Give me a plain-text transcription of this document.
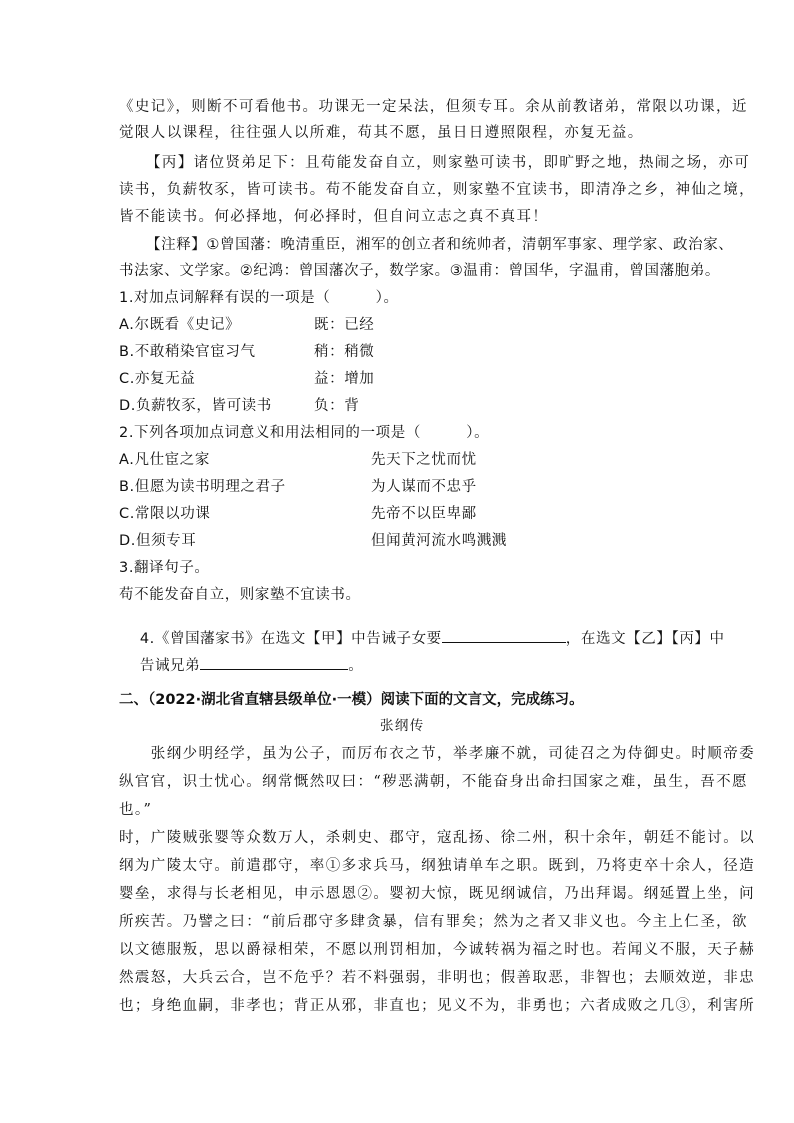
《史记》，则断不可看他书。功课无一定呆法，但须专耳。余从前教诸弟，常限以功课，近
觉限人以课程，往往强人以所难，苟其不愿，虽日日遵照限程，亦复无益。
【丙】诸位贤弟足下：且苟能发奋自立，则家塾可读书，即旷野之地，热闹之场，亦可
读书，负薪牧豕，皆可读书。苟不能发奋自立，则家塾不宜读书，即清净之乡，神仙之境，
皆不能读书。何必择地，何必择时，但自问立志之真不真耳！
【注释】①曾国藩：晚清重臣，湘军的创立者和统帅者，清朝军事家、理学家、政治家、
书法家、文学家。②纪鸿：曾国藩次子，数学家。③温甫：曾国华，字温甫，曾国藩胞弟。
1.对加点词解释有误的一项是（　　　）。
A.尔既看《史记》	既：已经
B.不敢稍染官宦习气	稍：稍微
C.亦复无益	益：增加
D.负薪牧豕，皆可读书	负：背
2.下列各项加点词意义和用法相同的一项是（　　　）。
A.凡仕宦之家	先天下之忧而忧
B.但愿为读书明理之君子	为人谋而不忠乎
C.常限以功课	先帝不以臣卑鄙
D.但须专耳	但闻黄河流水鸣溅溅
3.翻译句子。
苟不能发奋自立，则家塾不宜读书。

4.《曾国藩家书》在选文【甲】中告诫子女要	，在选文【乙】【丙】中

告诫兄弟	。

二、（2022·湖北省直辖县级单位·一模）阅读下面的文言文，完成练习。
张纲传
　　张纲少明经学，虽为公子，而厉布衣之节，举孝廉不就，司徒召之为侍御史。时顺帝委
纵官官，识士忧心。纲常慨然叹曰：“秽恶满朝，不能奋身出命扫国家之难，虽生，吾不愿
也。”
时，广陵贼张婴等众数万人，杀刺史、郡守，寇乱扬、徐二州，积十余年，朝廷不能讨。以
纲为广陵太守。前遣郡守，率①多求兵马，纲独请单车之职。既到，乃将吏卒十余人，径造
婴垒，求得与长老相见，申示恩恩②。婴初大惊，既见纲诚信，乃出拜谒。纲延置上坐，问
所疾苦。乃譬之曰：“前后郡守多肆贪暴，信有罪矣；然为之者又非义也。今主上仁圣，欲
以文德服叛，思以爵禄相荣，不愿以刑罚相加，今诚转祸为福之时也。若闻义不服，天子赫
然震怒，大兵云合，岂不危乎？若不料强弱，非明也；假善取恶，非智也；去顺效逆，非忠
也；身绝血嗣，非孝也；背正从邪，非直也；见义不为，非勇也；六者成败之几③，利害所
